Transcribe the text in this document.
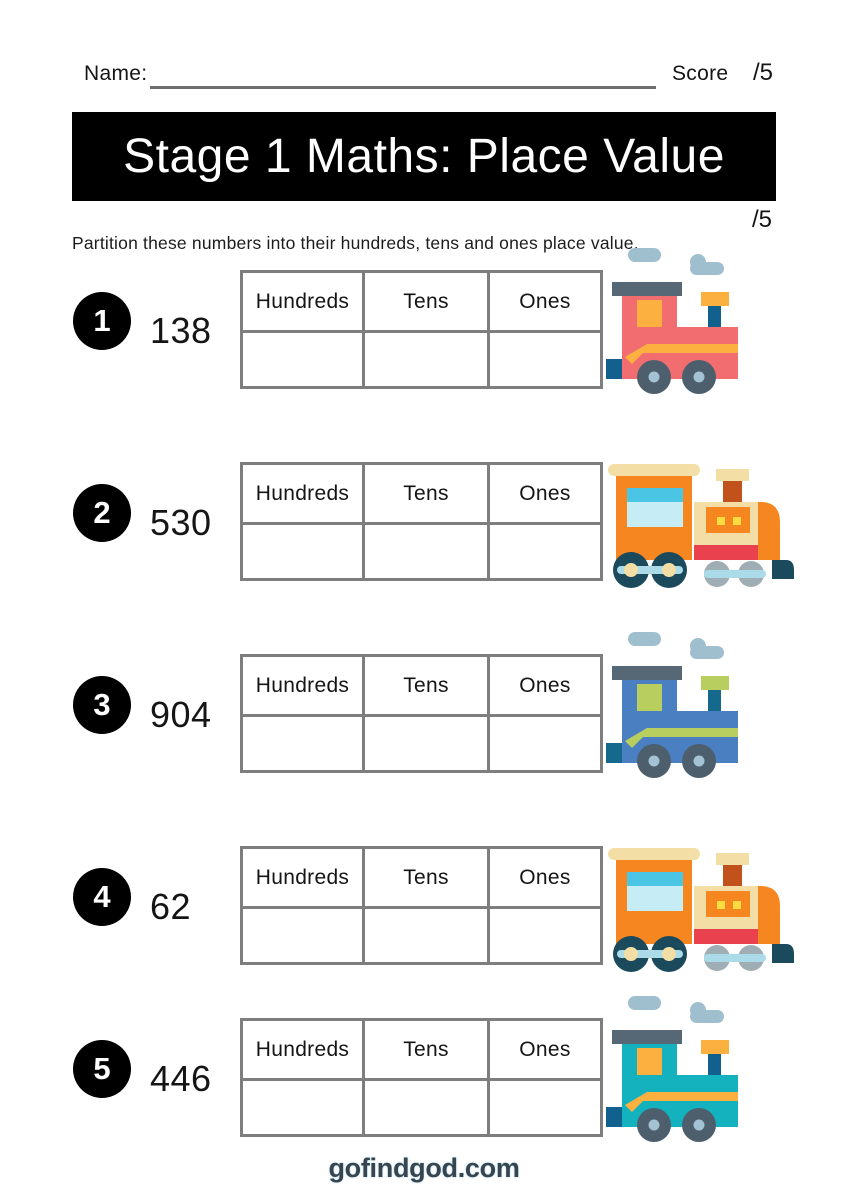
Name:	Score /5
Stage 1 Maths: Place Value

Partition these numbers into their hundreds, tens and ones place value.

/5
1 138
Hundreds	Tens	Ones

2 530
Hundreds	Tens	Ones

3 904
Hundreds	Tens	Ones

4 62
Hundreds	Tens	Ones

5 446
Hundreds	Tens	Ones

gofindgod.com
